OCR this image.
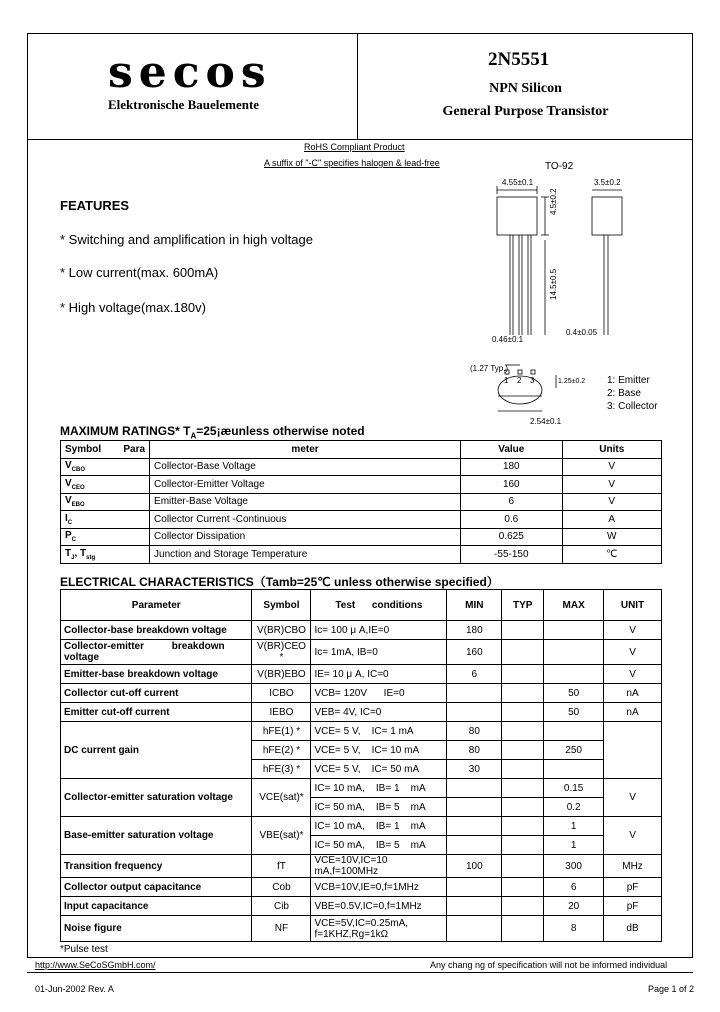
secos
Elektronische Bauelemente
2N5551
NPN Silicon
General Purpose Transistor
RoHS Compliant Product
A suffix of "-C" specifies halogen & lead-free
FEATURES
* Switching and amplification in high voltage
* Low current(max. 600mA)
* High voltage(max.180v)
TO-92
4.55±0.1
4.5±0.2
3.5±0.2
14.5±0.5
0.46±0.1
0.4±0.05
(1.27 Typ.)
1.25±0.2
2.54±0.1
1 2 3	1: Emitter
2: Base
3: Collector
MAXIMUM RATINGS* $T_A=25¡æunless$ otherwise noted
Symbol Para	meter	Value	Units
$V_{CBO}$	Collector-Base Voltage	180	V
$V_{CEO}$	Collector-Emitter Voltage	160	V
$V_{EBO}$	Emitter-Base Voltage	6	V
$I_C$	Collector Current -Continuous	0.6	A
$P_C$	Collector Dissipation	0.625	W
$T_J$, $T_{stg}$	Junction and Storage Temperature	-55-150	℃
ELECTRICAL CHARACTERISTICS（Tamb=25℃ unless otherwise specified）
Parameter	Symbol	Test      conditions	MIN	TYP	MAX	UNIT
Collector-base breakdown voltage	V(BR)CBO	Ic= 100 μ A,IE=0	180			V
Collector-emitter          breakdown voltage	V(BR)CEO *	Ic= 1mA, IB=0	160			V
Emitter-base breakdown voltage	V(BR)EBO	IE= 10 μ A, IC=0	6			V
Collector cut-off current	ICBO	VCB= 120V      IE=0			50	nA
Emitter cut-off current	IEBO	VEB= 4V, IC=0			50	nA
DC current gain	hFE(1) *	VCE= 5 V,    IC= 1 mA	80			
	hFE(2) *	VCE= 5 V,    IC= 10 mA	80		250	
	hFE(3) *	VCE= 5 V,    IC= 50 mA	30			
Collector-emitter saturation voltage	VCE(sat)*	IC= 10 mA,    IB= 1    mA			0.15	V
		IC= 50 mA,    IB= 5    mA			0.2	
Base-emitter saturation voltage	VBE(sat)*	IC= 10 mA,    IB= 1    mA			1	V
		IC= 50 mA,    IB= 5    mA			1	
Transition frequency	fT	VCE=10V,IC=10 mA,f=100MHz	100		300	MHz
Collector output capacitance	Cob	VCB=10V,IE=0,f=1MHz			6	pF
Input capacitance	Cib	VBE=0.5V,IC=0,f=1MHz			20	pF
Noise figure	NF	VCE=5V,IC=0.25mA,
f=1KHZ,Rg=1kΩ			8	dB
*Pulse test
http://www.SeCoSGmbH.com/	Any chang ng of specification will not be informed individual
01-Jun-2002 Rev. A	Page 1 of 2
